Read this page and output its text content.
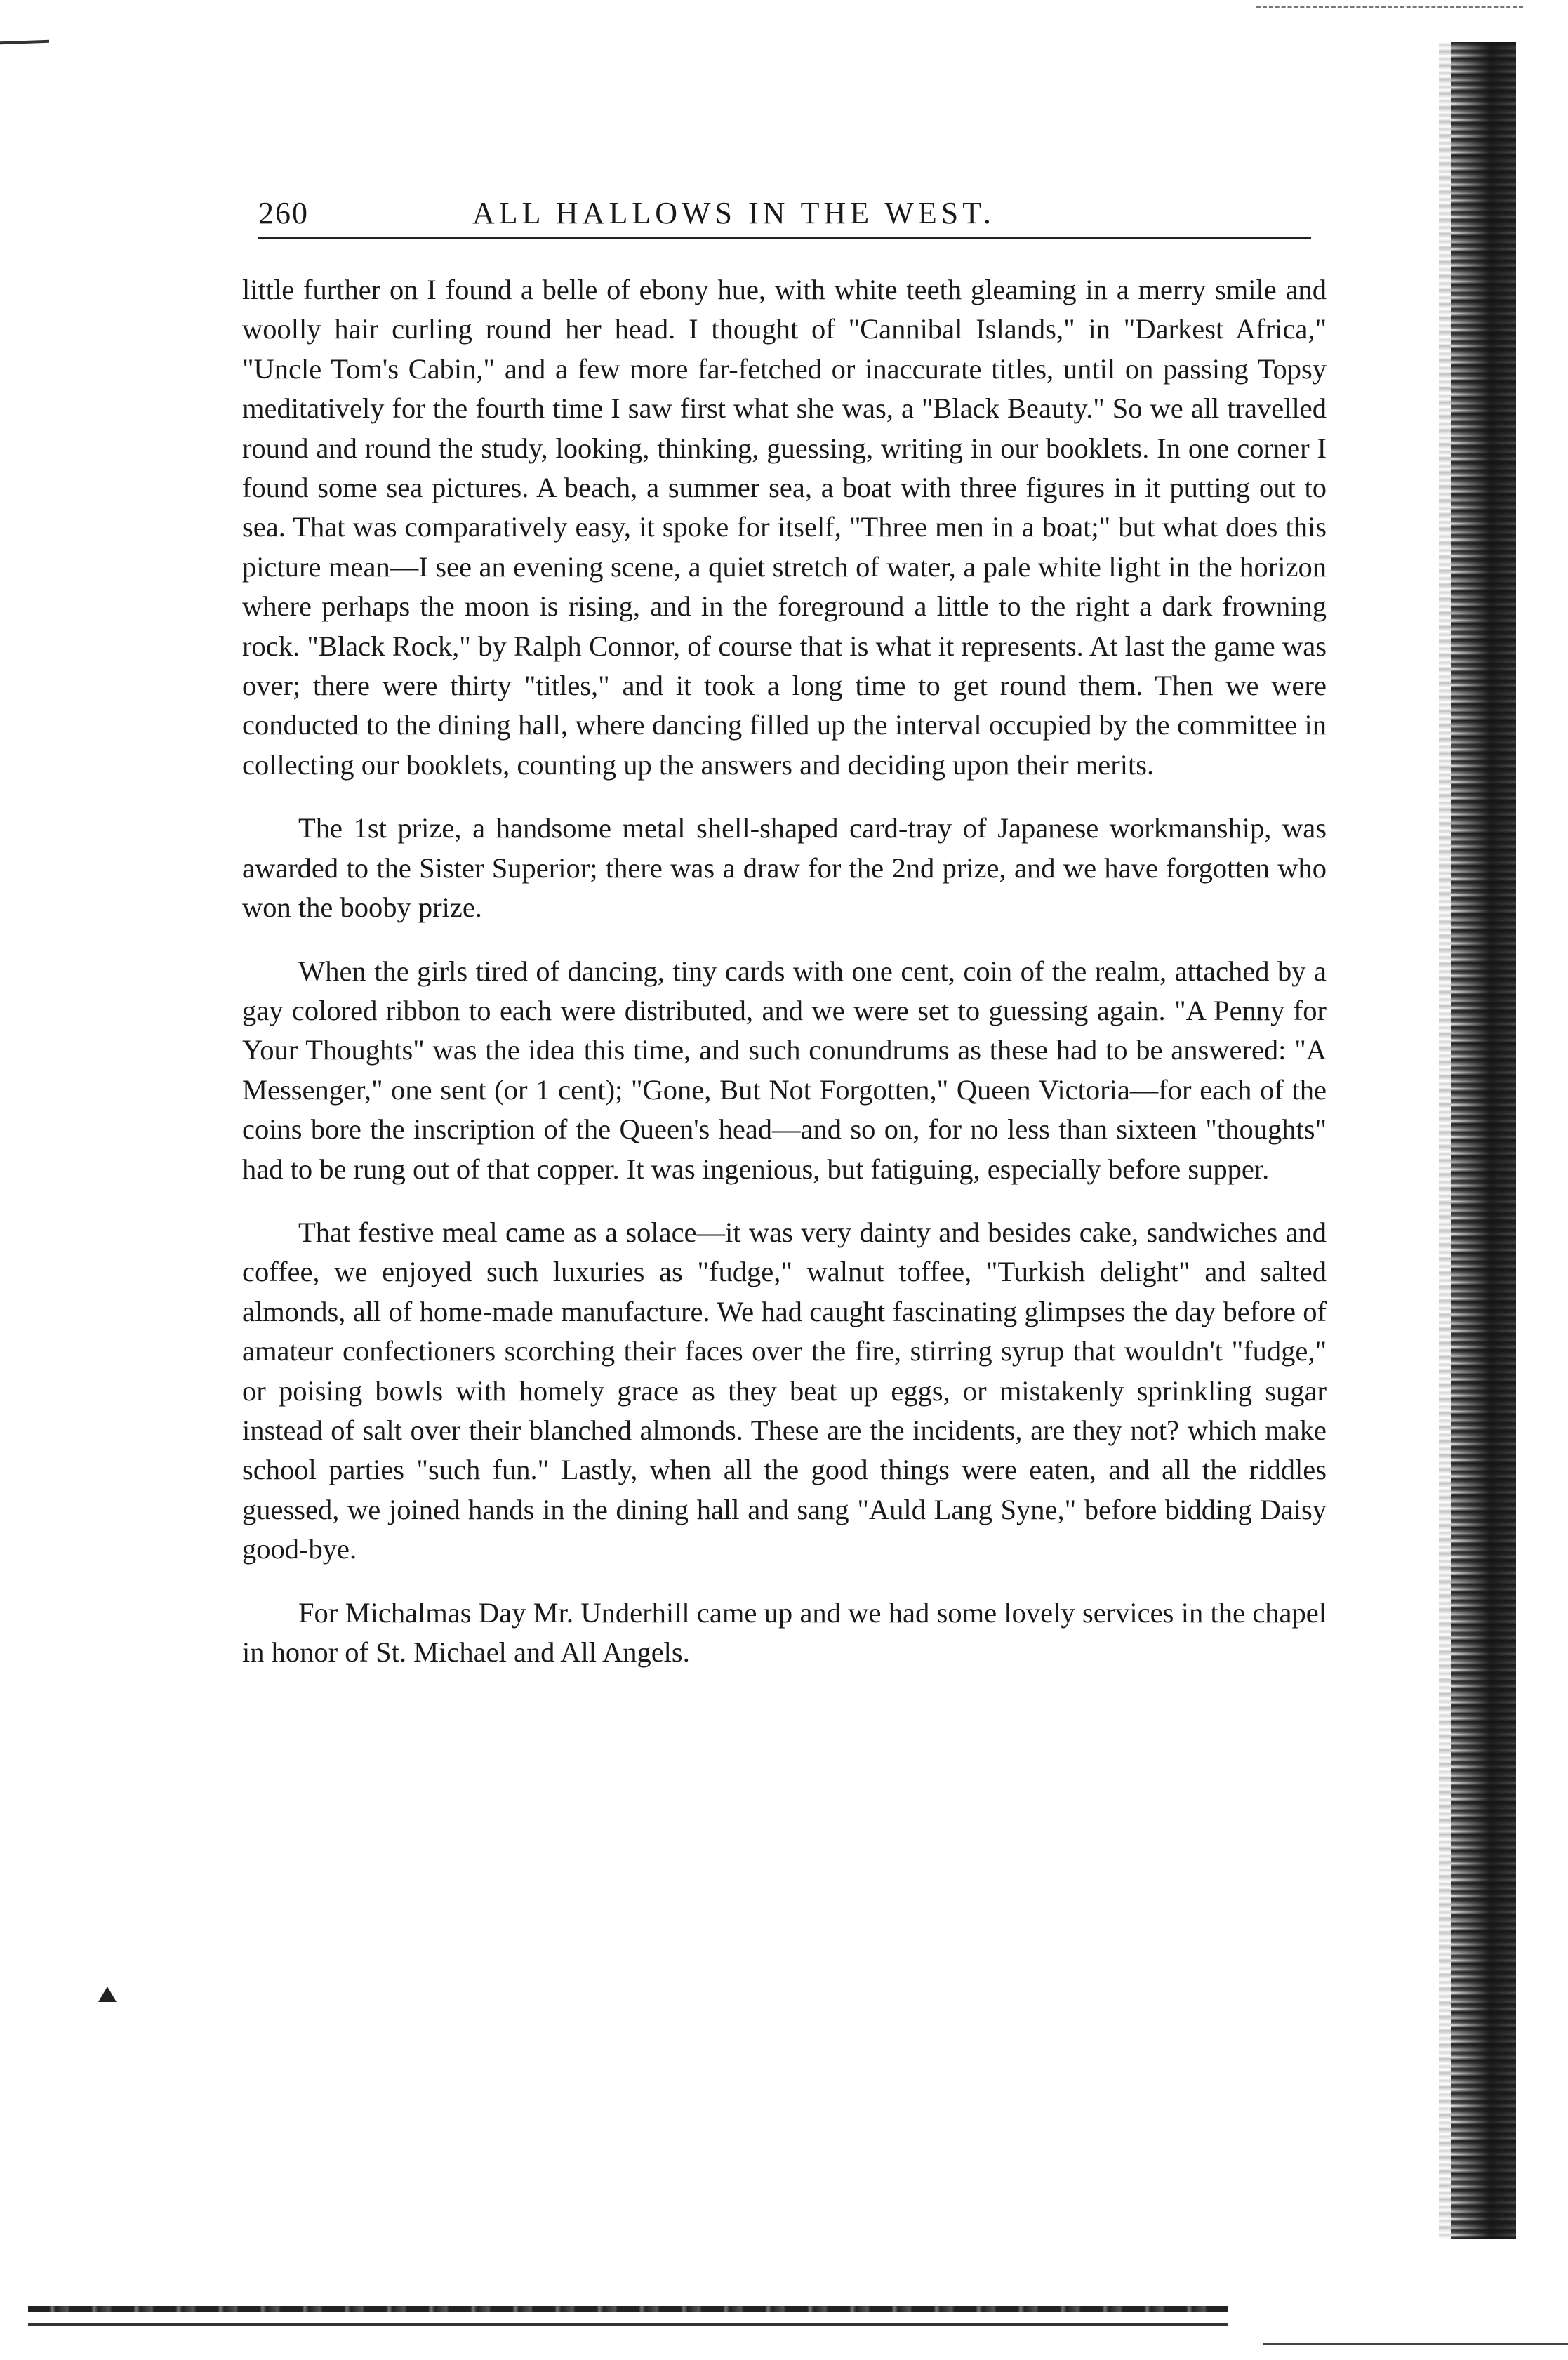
260	ALL HALLOWS IN THE WEST.

little further on I found a belle of ebony hue, with white teeth gleaming in a merry smile and woolly hair curling round her head. I thought of "Cannibal Islands," in "Darkest Africa," "Uncle Tom's Cabin," and a few more far-fetched or inaccurate titles, until on passing Topsy meditatively for the fourth time I saw first what she was, a "Black Beauty." So we all travelled round and round the study, looking, thinking, guessing, writing in our booklets. In one corner I found some sea pictures. A beach, a summer sea, a boat with three figures in it putting out to sea. That was comparatively easy, it spoke for itself, "Three men in a boat;" but what does this picture mean—I see an evening scene, a quiet stretch of water, a pale white light in the horizon where perhaps the moon is rising, and in the foreground a little to the right a dark frowning rock. "Black Rock," by Ralph Connor, of course that is what it represents. At last the game was over; there were thirty "titles," and it took a long time to get round them. Then we were conducted to the dining hall, where dancing filled up the interval occupied by the committee in collecting our booklets, counting up the answers and deciding upon their merits.

The 1st prize, a handsome metal shell-shaped card-tray of Japanese workmanship, was awarded to the Sister Superior; there was a draw for the 2nd prize, and we have forgotten who won the booby prize.

When the girls tired of dancing, tiny cards with one cent, coin of the realm, attached by a gay colored ribbon to each were distributed, and we were set to guessing again. "A Penny for Your Thoughts" was the idea this time, and such conundrums as these had to be answered: "A Messenger," one sent (or 1 cent); "Gone, But Not Forgotten," Queen Victoria—for each of the coins bore the inscription of the Queen's head—and so on, for no less than sixteen "thoughts" had to be rung out of that copper. It was ingenious, but fatiguing, especially before supper.

That festive meal came as a solace—it was very dainty and besides cake, sandwiches and coffee, we enjoyed such luxuries as "fudge," walnut toffee, "Turkish delight" and salted almonds, all of home-made manufacture. We had caught fascinating glimpses the day before of amateur confectioners scorching their faces over the fire, stirring syrup that wouldn't "fudge," or poising bowls with homely grace as they beat up eggs, or mistakenly sprinkling sugar instead of salt over their blanched almonds. These are the incidents, are they not? which make school parties "such fun." Lastly, when all the good things were eaten, and all the riddles guessed, we joined hands in the dining hall and sang "Auld Lang Syne," before bidding Daisy good-bye.

For Michalmas Day Mr. Underhill came up and we had some lovely services in the chapel in honor of St. Michael and All Angels.
